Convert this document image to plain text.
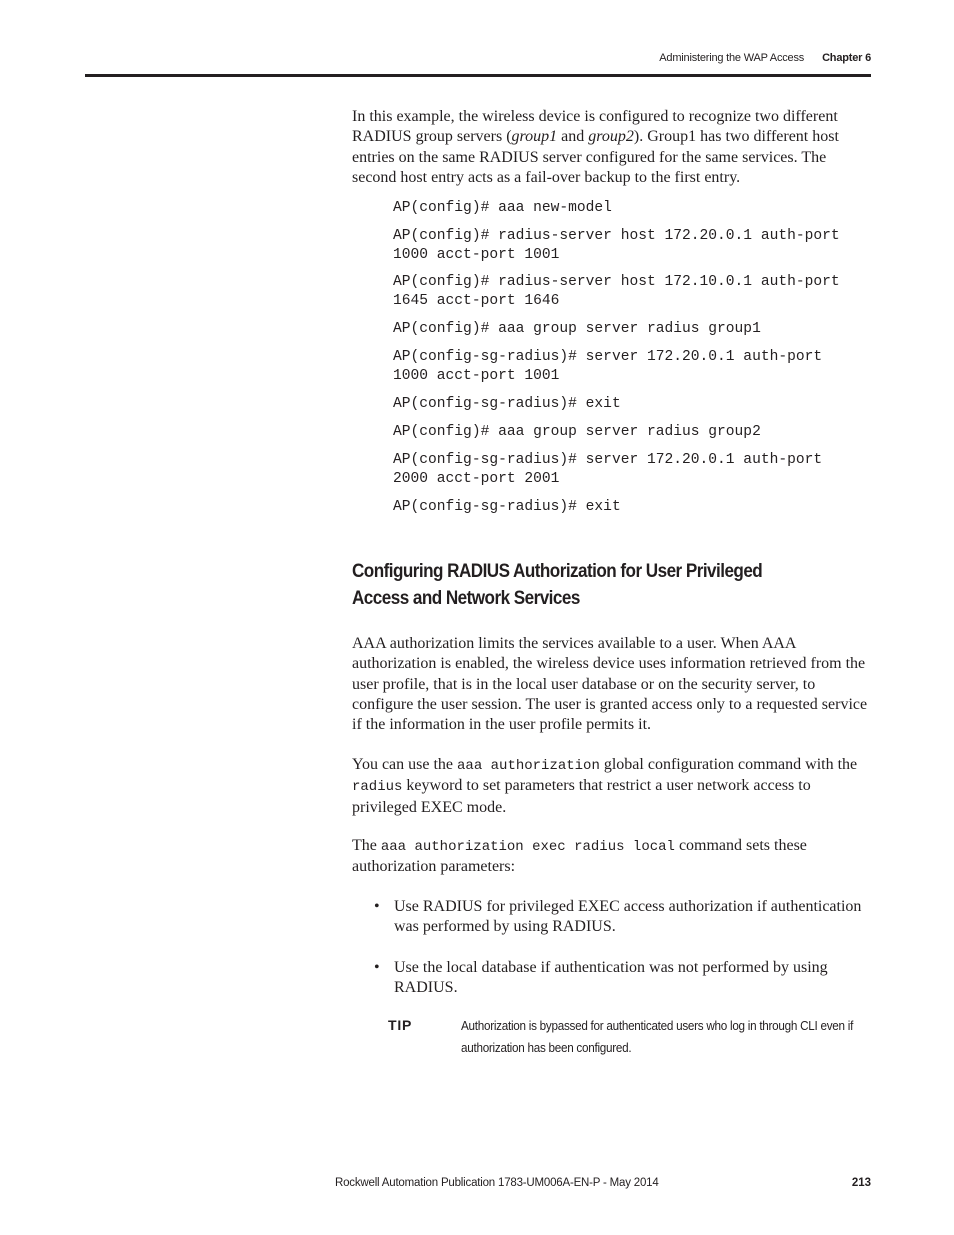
Administering the WAP Access Chapter 6

In this example, the wireless device is configured to recognize two different RADIUS group servers (group1 and group2). Group1 has two different host entries on the same RADIUS server configured for the same services. The second host entry acts as a fail-over backup to the first entry.

AP(config)# aaa new-model

AP(config)# radius-server host 172.20.0.1 auth-port
1000 acct-port 1001

AP(config)# radius-server host 172.10.0.1 auth-port
1645 acct-port 1646

AP(config)# aaa group server radius group1

AP(config-sg-radius)# server 172.20.0.1 auth-port
1000 acct-port 1001

AP(config-sg-radius)# exit

AP(config)# aaa group server radius group2

AP(config-sg-radius)# server 172.20.0.1 auth-port
2000 acct-port 2001

AP(config-sg-radius)# exit

Configuring RADIUS Authorization for User Privileged Access and Network Services

AAA authorization limits the services available to a user. When AAA authorization is enabled, the wireless device uses information retrieved from the user profile, that is in the local user database or on the security server, to configure the user session. The user is granted access only to a requested service if the information in the user profile permits it.

You can use the aaa authorization global configuration command with the radius keyword to set parameters that restrict a user network access to privileged EXEC mode.

The aaa authorization exec radius local command sets these authorization parameters:

• Use RADIUS for privileged EXEC access authorization if authentication was performed by using RADIUS.
• Use the local database if authentication was not performed by using RADIUS.
TIP	Authorization is bypassed for authenticated users who log in through CLI even if authorization has been configured.
Rockwell Automation Publication 1783-UM006A-EN-P - May 2014	213
